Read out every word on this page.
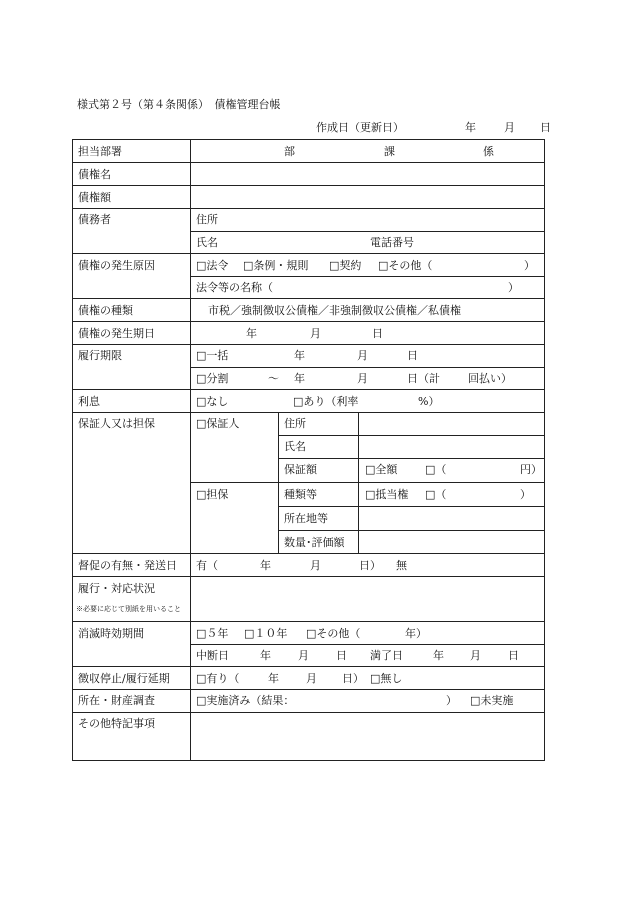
様式第２号（第４条関係）　債権管理台帳
作成日（更新日）	年	月 日
担当部署	部	課	係
債権名
債権額
債務者	住所
氏名	電話番号
債権の発生原因	□法令 □条例・規則 □契約 □その他（	）
法令等の名称（	）
債権の種類	市税／強制徴収公債権／非強制徴収公債権／私債権
債権の発生期日	年	月	日
履行期限	□一括	年	月	日
□分割	～ 年	月	日（計	回払い）
利息	□なし	□あり（利率	%）
保証人又は担保	□保証人	住所
氏名
保証額	□全額	□（	円）
□担保	種類等	□抵当権 □（	）
所在地等
数量･評価額
督促の有無・発送日 有（	年	月	日） 無
履行・対応状況
※必要に応じて別紙を用いること
消滅時効期間	□５年 □１０年 □その他（	年）
中断日	年 月 日 満了日	年 月 日
徴収停止/履行延期 □有り（	年 月 日） □無し
所在・財産調査	□実施済み（結果：	） □未実施
その他特記事項
